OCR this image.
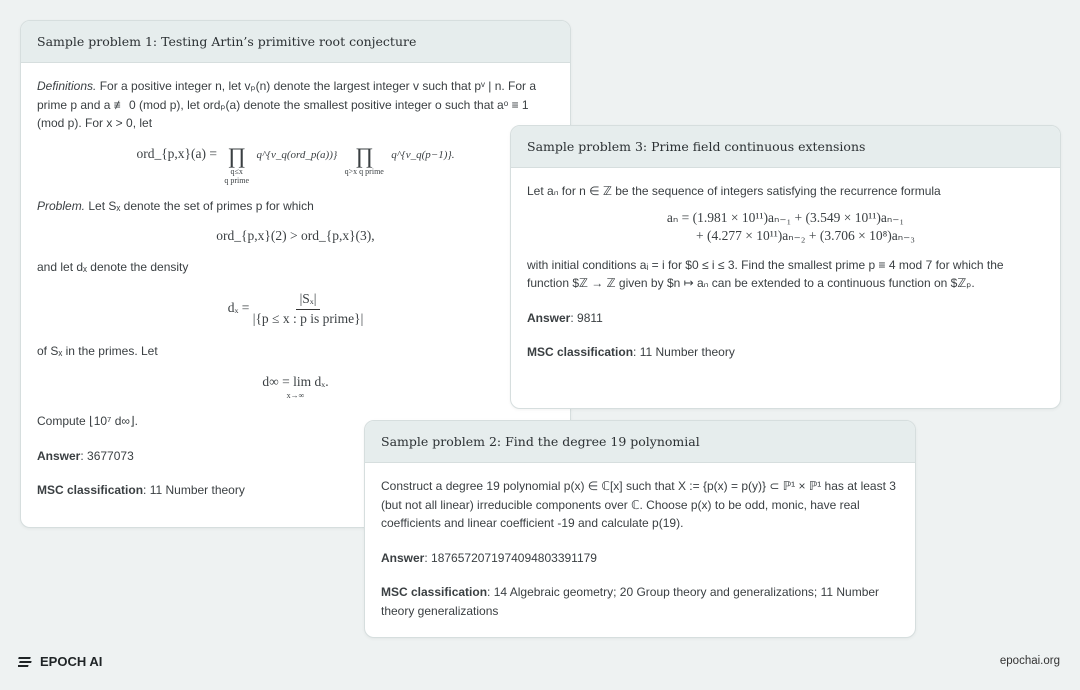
Sample problem 1: Testing Artin’s primitive root conjecture

Definitions. For a positive integer n, let vₚ(n) denote the largest integer v such that pᵛ | n. For a prime p and a ≢ 0 (mod p), let ordₚ(a) denote the smallest positive integer o such that aᵒ ≡ 1 (mod p). For x > 0, let

ord_{p,x}(a) = ∏
q≤x
q prime
q^{v_q(ord_p(a))} ∏
q>x q prime
q^{v_q(p−1)}.

Problem. Let Sₓ denote the set of primes p for which

ord_{p,x}(2) > ord_{p,x}(3),

and let dₓ denote the density

$d_x = \frac{\text{|Sₓ|}}{\text{|\{p ≤ x : p is prime\}|}}$

of Sₓ in the primes. Let

d∞ = lim dₓ.
x→∞

Compute ⌊10⁷ d∞⌋.

Answer: 3677073

MSC classification: 11 Number theory

Sample problem 3: Prime field continuous extensions

Let aₙ for n ∈ ℤ be the sequence of integers satisfying the recurrence formula

aₙ = (1.981 × 10¹¹)aₙ₋₁ + (3.549 × 10¹¹)aₙ₋₁
+ (4.277 × 10¹¹)aₙ₋₂ + (3.706 × 10⁸)aₙ₋₃

with initial conditions aᵢ = i for $0 ≤ i ≤ 3. Find the smallest prime p ≡ 4 mod 7 for which the function $ℤ → ℤ given by $n ↦ aₙ can be extended to a continuous function on $ℤₚ.

Answer: 9811

MSC classification: 11 Number theory

Sample problem 2: Find the degree 19 polynomial

Construct a degree 19 polynomial p(x) ∈ ℂ[x] such that X := {p(x) = p(y)} ⊂ ℙ¹ × ℙ¹ has at least 3 (but not all linear) irreducible components over ℂ. Choose p(x) to be odd, monic, have real coefficients and linear coefficient -19 and calculate p(19).

Answer: 1876572071974094803391179

MSC classification: 14 Algebraic geometry; 20 Group theory and generalizations; 11 Number theory generalizations

EPOCH AI	epochai.org
